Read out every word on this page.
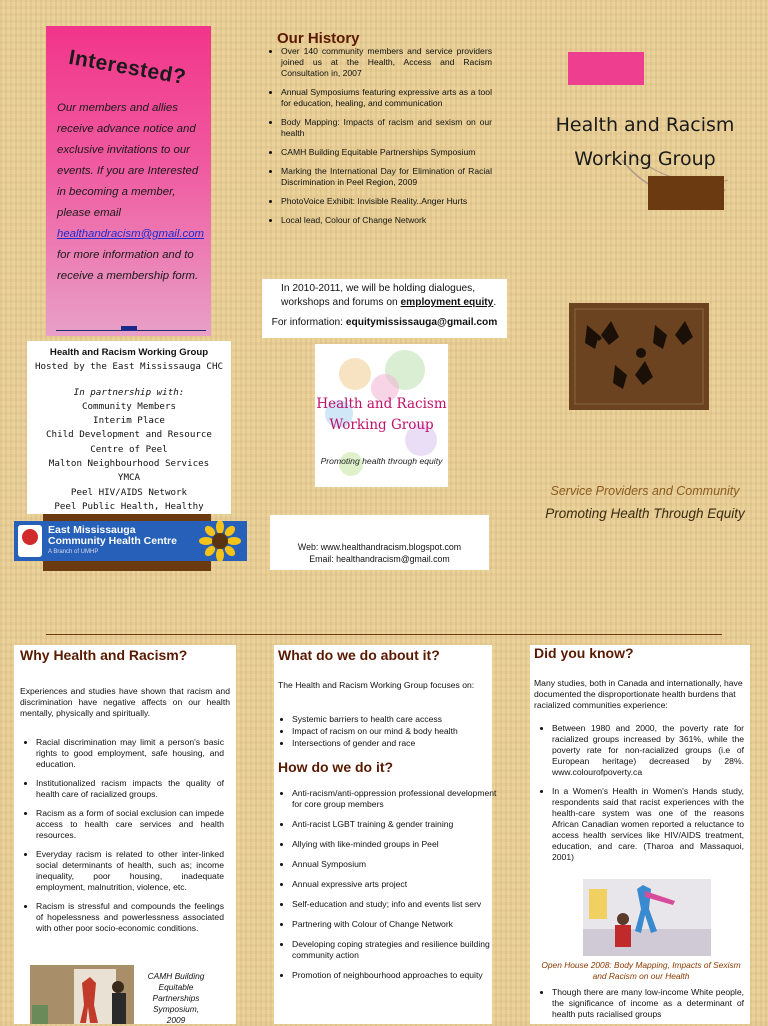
Interested?
Our members and allies receive advance notice and exclusive invitations to our events. If you are Interested in becoming a member, please email healthandracism@gmail.com for more information and to receive a membership form.
Our History
• Over 140 community members and service providers joined us at the Health, Access and Racism Consultation in, 2007
• Annual Symposiums featuring expressive arts as a tool for education, healing, and communication
• Body Mapping: Impacts of racism and sexism on our health
• CAMH Building Equitable Partnerships Symposium
• Marking the International Day for Elimination of Racial Discrimination in Peel Region, 2009
• PhotoVoice Exhibit: Invisible Reality..Anger Hurts
• Local lead, Colour of Change Network
In 2010-2011, we will be holding dialogues, workshops and forums on employment equity.
For information: equitymississauga@gmail.com
Health and Racism
Working Group
Service Providers and Community
Promoting Health Through Equity
Health and Racism Working Group
Hosted by the East Mississauga CHC
In partnership with:
Community Members
Interim Place
Child Development and Resource Centre of Peel
Malton Neighbourhood Services
YMCA
Peel HIV/AIDS Network
Peel Public Health, Healthy
East Mississauga
Community Health Centre
A Branch of UMHP
Health and Racism
Working Group
Promoting health through equity
Web: www.healthandracism.blogspot.com
Email: healthandracism@gmail.com
Why Health and Racism?
Experiences and studies have shown that racism and discrimination have negative affects on our health mentally, physically and spiritually.
• Racial discrimination may limit a person's basic rights to good employment, safe housing, and education.
• Institutionalized racism impacts the quality of health care of racialized groups.
• Racism as a form of social exclusion can impede access to health care services and health resources.
• Everyday racism is related to other inter-linked social determinants of health, such as; income inequality, poor housing, inadequate employment, malnutrition, violence, etc.
• Racism is stressful and compounds the feelings of hopelessness and powerlessness associated with other poor socio-economic conditions.
CAMH Building Equitable Partnerships Symposium, 2009
What do we do about it?
The Health and Racism Working Group focuses on:
• Systemic barriers to health care access
• Impact of racism on our mind & body health
• Intersections of gender and race
How do we do it?
• Anti-racism/anti-oppression professional development for core group members
• Anti-racist LGBT training & gender training
• Allying with like-minded groups in Peel
• Annual Symposium
• Annual expressive arts project
• Self-education and study; info and events list serv
• Partnering with Colour of Change Network
• Developing coping strategies and resilience building community action
• Promotion of neighbourhood approaches to equity
Did you know?
Many studies, both in Canada and internationally, have documented the disproportionate health burdens that racialized communities experience:
• Between 1980 and 2000, the poverty rate for racialized groups increased by 361%, while the poverty rate for non-racialized groups (i.e of European heritage) decreased by 28%. www.colourofpoverty.ca
• In a Women's Health in Women's Hands study, respondents said that racist experiences with the health-care system was one of the reasons African Canadian women reported a reluctance to access health services like HIV/AIDS treatment, education, and care. (Tharoa and Massaquoi, 2001)
Open House 2008: Body Mapping, Impacts of Sexism and Racism on our Health
• Though there are many low-income White people, the significance of income as a determinant of health puts racialised groups
